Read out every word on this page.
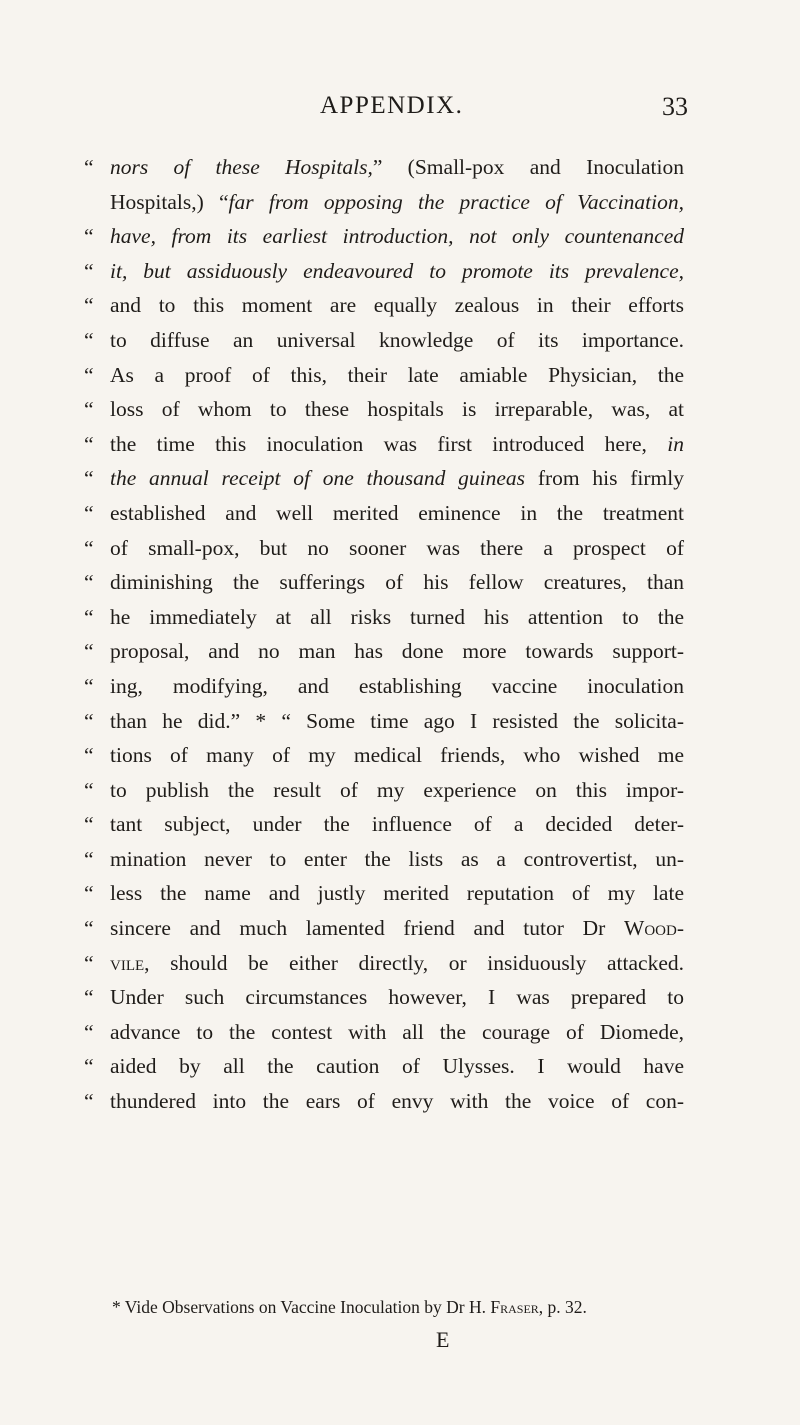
APPENDIX.	33
“ nors of these Hospitals,” (Small-pox and Inoculation
Hospitals,) “far from opposing the practice of Vaccination,
“ have, from its earliest introduction, not only countenanced
“ it, but assiduously endeavoured to promote its prevalence,
“ and to this moment are equally zealous in their efforts
“ to diffuse an universal knowledge of its importance.
“ As a proof of this, their late amiable Physician, the
“ loss of whom to these hospitals is irreparable, was, at
“ the time this inoculation was first introduced here, in
“ the annual receipt of one thousand guineas from his firmly
“ established and well merited eminence in the treatment
“ of small-pox, but no sooner was there a prospect of
“ diminishing the sufferings of his fellow creatures, than
“ he immediately at all risks turned his attention to the
“ proposal, and no man has done more towards support-
“ ing, modifying, and establishing vaccine inoculation
“ than he did.” * “ Some time ago I resisted the solicita-
“ tions of many of my medical friends, who wished me
“ to publish the result of my experience on this impor-
“ tant subject, under the influence of a decided deter-
“ mination never to enter the lists as a controvertist, un-
“ less the name and justly merited reputation of my late
“ sincere and much lamented friend and tutor Dr Wood-
“ vile, should be either directly, or insiduously attacked.
“ Under such circumstances however, I was prepared to
“ advance to the contest with all the courage of Diomede,
“ aided by all the caution of Ulysses. I would have
“ thundered into the ears of envy with the voice of con-
* Vide Observations on Vaccine Inoculation by Dr H. Fraser, p. 32.
E
